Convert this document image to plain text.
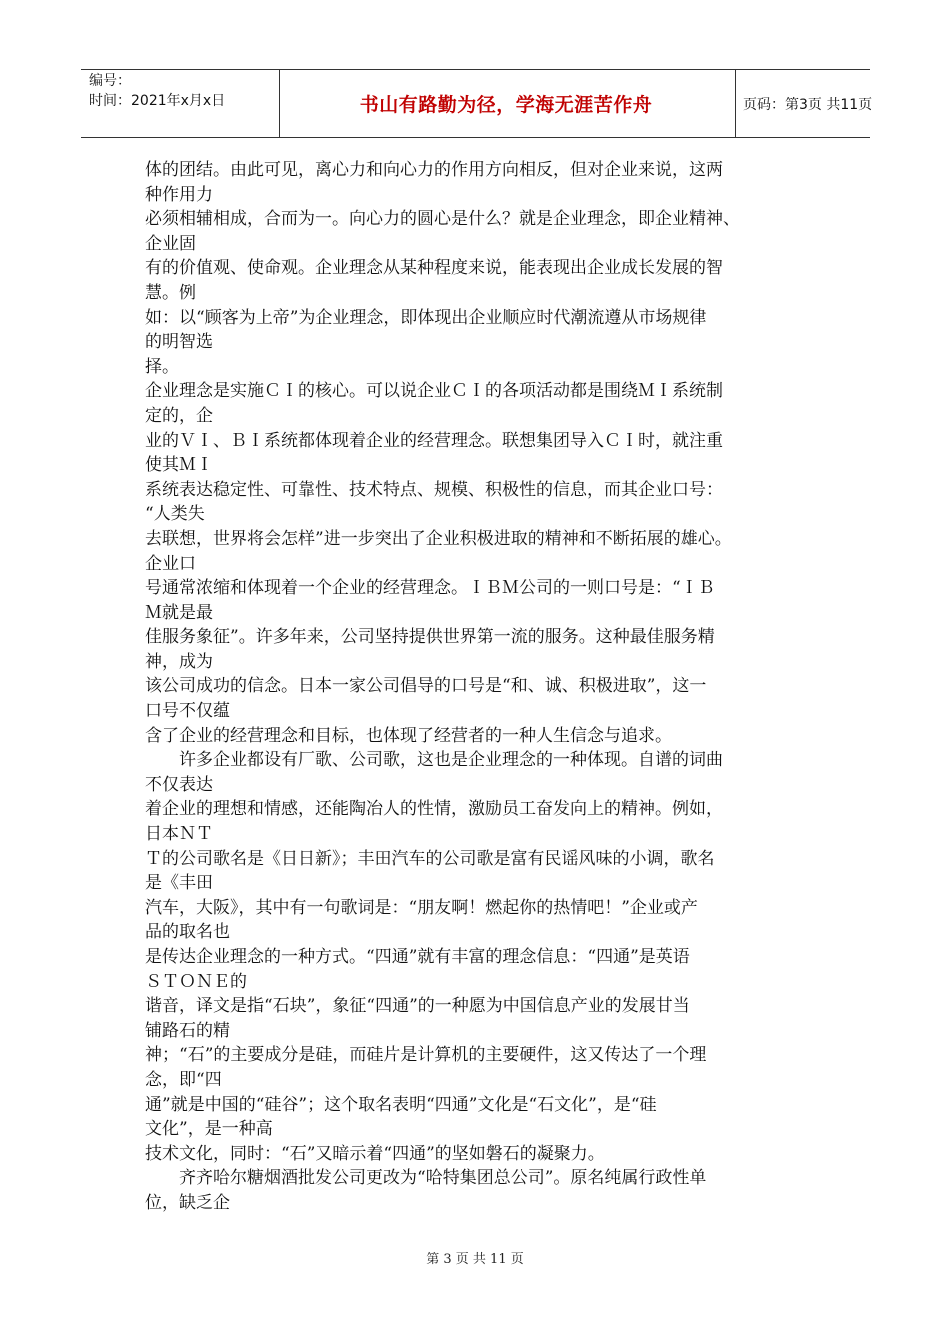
编号：
时间：2021年x月x日	书山有路勤为径，学海无涯苦作舟	页码：第3页 共11页
体的团结。由此可见，离心力和向心力的作用方向相反，但对企业来说，这两
种作用力
必须相辅相成，合而为一。向心力的圆心是什么？就是企业理念，即企业精神、
企业固
有的价值观、使命观。企业理念从某种程度来说，能表现出企业成长发展的智
慧。例
如：以“顾客为上帝”为企业理念，即体现出企业顺应时代潮流遵从市场规律
的明智选
择。
企业理念是实施ＣＩ的核心。可以说企业ＣＩ的各项活动都是围绕ＭＩ系统制
定的，企
业的ＶＩ、ＢＩ系统都体现着企业的经营理念。联想集团导入ＣＩ时，就注重
使其ＭＩ
系统表达稳定性、可靠性、技术特点、规模、积极性的信息，而其企业口号：
“人类失
去联想，世界将会怎样”进一步突出了企业积极进取的精神和不断拓展的雄心。
企业口
号通常浓缩和体现着一个企业的经营理念。ＩＢＭ公司的一则口号是：“ＩＢ
Ｍ就是最
佳服务象征”。许多年来，公司坚持提供世界第一流的服务。这种最佳服务精
神，成为
该公司成功的信念。日本一家公司倡导的口号是“和、诚、积极进取”，这一
口号不仅蕴
含了企业的经营理念和目标，也体现了经营者的一种人生信念与追求。
　　许多企业都设有厂歌、公司歌，这也是企业理念的一种体现。自谱的词曲
不仅表达
着企业的理想和情感，还能陶冶人的性情，激励员工奋发向上的精神。例如，
日本ＮＴ
Ｔ的公司歌名是《日日新》；丰田汽车的公司歌是富有民谣风味的小调，歌名
是《丰田
汽车，大阪》，其中有一句歌词是：“朋友啊！燃起你的热情吧！”企业或产
品的取名也
是传达企业理念的一种方式。“四通”就有丰富的理念信息：“四通”是英语
ＳＴＯＮＥ的
谐音，译文是指“石块”，象征“四通”的一种愿为中国信息产业的发展甘当
铺路石的精
神；“石”的主要成分是硅，而硅片是计算机的主要硬件，这又传达了一个理
念，即“四
通”就是中国的“硅谷”；这个取名表明“四通”文化是“石文化”，是“硅
文化”，是一种高
技术文化，同时：“石”又暗示着“四通”的坚如磐石的凝聚力。
　　齐齐哈尔糖烟酒批发公司更改为“哈特集团总公司”。原名纯属行政性单
位，缺乏企
第 3 页 共 11 页
